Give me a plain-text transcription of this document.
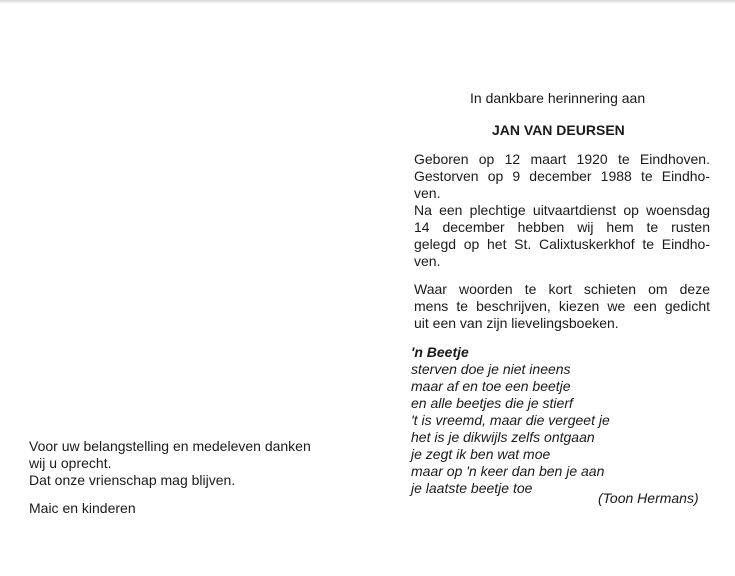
In dankbare herinnering aan
JAN VAN DEURSEN
Geboren op 12 maart 1920 te Eindhoven.
Gestorven op 9 december 1988 te Eindho-
ven.
Na een plechtige uitvaartdienst op woensdag
14 december hebben wij hem te rusten
gelegd op het St. Calixtuskerkhof te Eindho-
ven.
Waar woorden te kort schieten om deze
mens te beschrijven, kiezen we een gedicht
uit een van zijn lievelingsboeken.
'n Beetje
sterven doe je niet ineens
maar af en toe een beetje
en alle beetjes die je stierf
't is vreemd, maar die vergeet je
het is je dikwijls zelfs ontgaan
je zegt ik ben wat moe
maar op 'n keer dan ben je aan
je laatste beetje toe
(Toon Hermans)
Voor uw belangstelling en medeleven danken
wij u oprecht.
Dat onze vrienschap mag blijven.
Maic en kinderen
